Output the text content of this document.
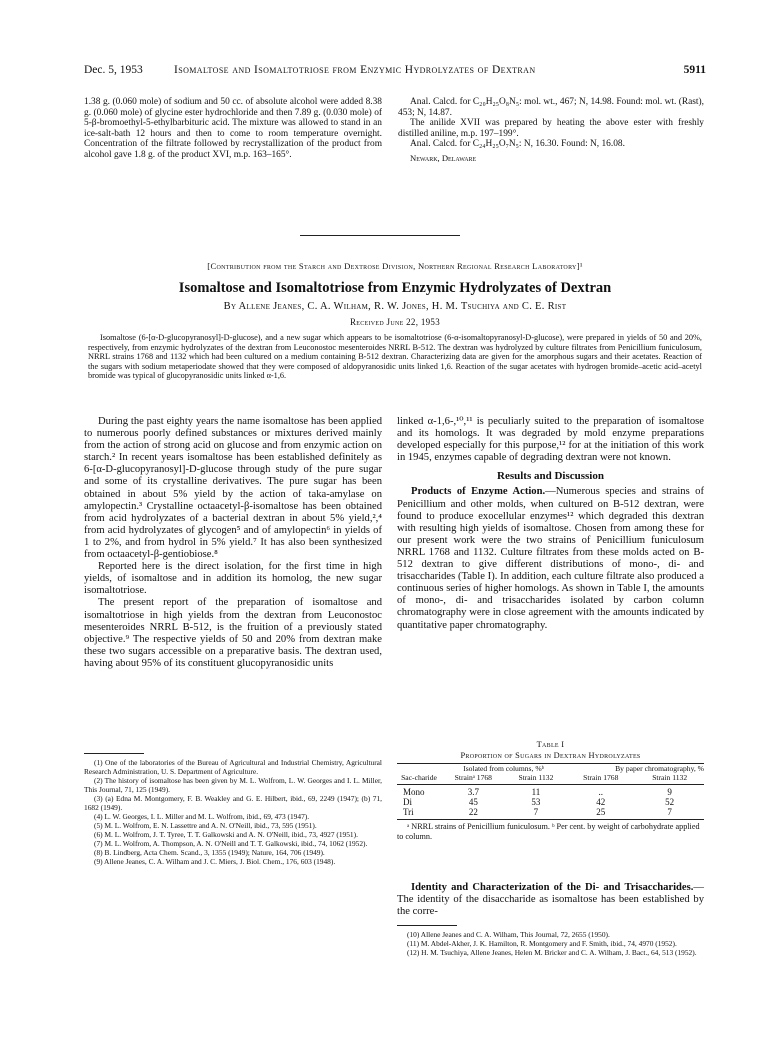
Dec. 5, 1953	Isomaltose and Isomaltotriose from Enzymic Hydrolyzates of Dextran	5911

1.38 g. (0.060 mole) of sodium and 50 cc. of absolute alcohol were added 8.38 g. (0.060 mole) of glycine ester hydrochloride and then 7.89 g. (0.030 mole) of 5-β-bromoethyl-5-ethylbarbituric acid. The mixture was allowed to stand in an ice-salt-bath 12 hours and then to come to room temperature overnight. Concentration of the filtrate followed by recrystallization of the product from alcohol gave 1.8 g. of the product XVI, m.p. 163–165°.

Anal. Calcd. for C₂₀H₂₅O₈N₅: mol. wt., 467; N, 14.98. Found: mol. wt. (Rast), 453; N, 14.87.

The anilide XVII was prepared by heating the above ester with freshly distilled aniline, m.p. 197–199°.

Anal. Calcd. for C₂₄H₂₅O₇N₅: N, 16.30. Found: N, 16.08.

Newark, Delaware

[Contribution from the Starch and Dextrose Division, Northern Regional Research Laboratory]¹
Isomaltose and Isomaltotriose from Enzymic Hydrolyzates of Dextran
By Allene Jeanes, C. A. Wilham, R. W. Jones, H. M. Tsuchiya and C. E. Rist
Received June 22, 1953
Isomaltose (6-[α-D-glucopyranosyl]-D-glucose), and a new sugar which appears to be isomaltotriose (6-α-isomaltopyranosyl-D-glucose), were prepared in yields of 50 and 20%, respectively, from enzymic hydrolyzates of the dextran from Leuconostoc mesenteroides NRRL B-512. The dextran was hydrolyzed by culture filtrates from Penicillium funiculosum, NRRL strains 1768 and 1132 which had been cultured on a medium containing B-512 dextran. Characterizing data are given for the amorphous sugars and their acetates. Reaction of the sugars with sodium metaperiodate showed that they were composed of aldopyranosidic units linked 1,6. Reaction of the sugar acetates with hydrogen bromide–acetic acid–acetyl bromide was typical of glucopyranosidic units linked α-1,6.

During the past eighty years the name isomaltose has been applied to numerous poorly defined substances or mixtures derived mainly from the action of strong acid on glucose and from enzymic action on starch.² In recent years isomaltose has been established definitely as 6-[α-D-glucopyranosyl]-D-glucose through study of the pure sugar and some of its crystalline derivatives. The pure sugar has been obtained in about 5% yield by the action of taka-amylase on amylopectin.³ Crystalline octaacetyl-β-isomaltose has been obtained from acid hydrolyzates of a bacterial dextran in about 5% yield,²,⁴ from acid hydrolyzates of glycogen⁵ and of amylopectin⁶ in yields of 1 to 2%, and from hydrol in 5% yield.⁷ It has also been synthesized from octaacetyl-β-gentiobiose.⁸

Reported here is the direct isolation, for the first time in high yields, of isomaltose and in addition its homolog, the new sugar isomaltotriose.

The present report of the preparation of isomaltose and isomaltotriose in high yields from the dextran from Leuconostoc mesenteroides NRRL B-512, is the fruition of a previously stated objective.⁹ The respective yields of 50 and 20% from dextran make these two sugars accessible on a preparative basis. The dextran used, having about 95% of its constituent glucopyranosidic units

(1) One of the laboratories of the Bureau of Agricultural and Industrial Chemistry, Agricultural Research Administration, U. S. Department of Agriculture.

(2) The history of isomaltose has been given by M. L. Wolfrom, L. W. Georges and I. L. Miller, This Journal, 71, 125 (1949).

(3) (a) Edna M. Montgomery, F. B. Weakley and G. E. Hilbert, ibid., 69, 2249 (1947); (b) 71, 1682 (1949).

(4) L. W. Georges, I. L. Miller and M. L. Wolfrom, ibid., 69, 473 (1947).

(5) M. L. Wolfrom, E. N. Lassettre and A. N. O'Neill, ibid., 73, 595 (1951).

(6) M. L. Wolfrom, J. T. Tyree, T. T. Galkowski and A. N. O'Neill, ibid., 73, 4927 (1951).

(7) M. L. Wolfrom, A. Thompson, A. N. O'Neill and T. T. Galkowski, ibid., 74, 1062 (1952).

(8) B. Lindberg, Acta Chem. Scand., 3, 1355 (1949); Nature, 164, 706 (1949).

(9) Allene Jeanes, C. A. Wilham and J. C. Miers, J. Biol. Chem., 176, 603 (1948).

linked α-1,6-,¹⁰,¹¹ is peculiarly suited to the preparation of isomaltose and its homologs. It was degraded by mold enzyme preparations developed especially for this purpose,¹² for at the initiation of this work in 1945, enzymes capable of degrading dextran were not known.

Results and Discussion

Products of Enzyme Action.—Numerous species and strains of Penicillium and other molds, when cultured on B-512 dextran, were found to produce exocellular enzymes¹² which degraded this dextran with resulting high yields of isomaltose. Chosen from among these for our present work were the two strains of Penicillium funiculosum NRRL 1768 and 1132. Culture filtrates from these molds acted on B-512 dextran to give different distributions of mono-, di- and trisaccharides (Table I). In addition, each culture filtrate also produced a continuous series of higher homologs. As shown in Table I, the amounts of mono-, di- and trisaccharides isolated by carbon column chromatography were in close agreement with the amounts indicated by quantitative paper chromatography.

Table I
Proportion of Sugars in Dextran Hydrolyzates
	Isolated from columns, %ᵇ		By paper chromatography, %	
Sac-charide	Strainᵃ 1768	Strain 1132	Strain 1768	Strain 1132

Mono	3.7	11	..	9
Di	45	53	42	52
Tri	22	7	25	7
ᵃ NRRL strains of Penicillium funiculosum. ᵇ Per cent. by weight of carbohydrate applied to column.

Identity and Characterization of the Di- and Trisaccharides.—The identity of the disaccharide as isomaltose has been established by the corre-

(10) Allene Jeanes and C. A. Wilham, This Journal, 72, 2655 (1950).

(11) M. Abdel-Akher, J. K. Hamilton, R. Montgomery and F. Smith, ibid., 74, 4970 (1952).

(12) H. M. Tsuchiya, Allene Jeanes, Helen M. Bricker and C. A. Wilham, J. Bact., 64, 513 (1952).
